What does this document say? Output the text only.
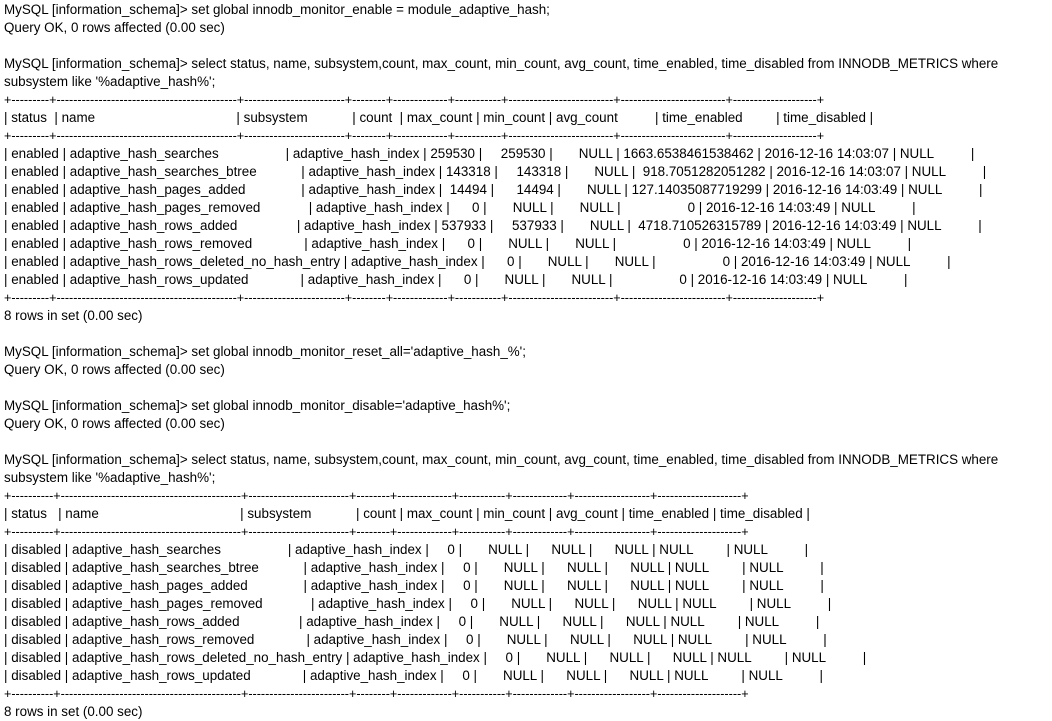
MySQL [information_schema]> set global innodb_monitor_enable = module_adaptive_hash;
Query OK, 0 rows affected (0.00 sec)
MySQL [information_schema]> select status, name, subsystem,count, max_count, min_count, avg_count, time_enabled, time_disabled from INNODB_METRICS where
subsystem like '%adaptive_hash%';
+---------+-------------------------------------------+------------------------+--------+-------------+-----------+-------------------------+-------------------------+--------------------+
| status  | name                                      | subsystem            | count  | max_count | min_count | avg_count          | time_enabled         | time_disabled |
+---------+-------------------------------------------+------------------------+--------+-------------+-----------+-------------------------+-------------------------+--------------------+
| enabled | adaptive_hash_searches                  | adaptive_hash_index | 259530 |     259530 |       NULL | 1663.6538461538462 | 2016-12-16 14:03:07 | NULL          |
| enabled | adaptive_hash_searches_btree            | adaptive_hash_index | 143318 |     143318 |       NULL |  918.7051282051282 | 2016-12-16 14:03:07 | NULL          |
| enabled | adaptive_hash_pages_added               | adaptive_hash_index |  14494 |      14494 |       NULL | 127.14035087719299 | 2016-12-16 14:03:49 | NULL          |
| enabled | adaptive_hash_pages_removed             | adaptive_hash_index |      0 |       NULL |       NULL |                  0 | 2016-12-16 14:03:49 | NULL          |
| enabled | adaptive_hash_rows_added                | adaptive_hash_index | 537933 |     537933 |       NULL |  4718.710526315789 | 2016-12-16 14:03:49 | NULL          |
| enabled | adaptive_hash_rows_removed              | adaptive_hash_index |      0 |       NULL |       NULL |                  0 | 2016-12-16 14:03:49 | NULL          |
| enabled | adaptive_hash_rows_deleted_no_hash_entry | adaptive_hash_index |      0 |       NULL |       NULL |                  0 | 2016-12-16 14:03:49 | NULL          |
| enabled | adaptive_hash_rows_updated              | adaptive_hash_index |      0 |       NULL |       NULL |                  0 | 2016-12-16 14:03:49 | NULL          |
+---------+-------------------------------------------+------------------------+--------+-------------+-----------+-------------------------+-------------------------+--------------------+
8 rows in set (0.00 sec)
MySQL [information_schema]> set global innodb_monitor_reset_all='adaptive_hash_%';
Query OK, 0 rows affected (0.00 sec)
MySQL [information_schema]> set global innodb_monitor_disable='adaptive_hash%';
Query OK, 0 rows affected (0.00 sec)
MySQL [information_schema]> select status, name, subsystem,count, max_count, min_count, avg_count, time_enabled, time_disabled from INNODB_METRICS where
subsystem like '%adaptive_hash%';
+----------+-------------------------------------------+------------------------+--------+-------------+-----------+-------------+------------------+--------------------+
| status   | name                                      | subsystem            | count | max_count | min_count | avg_count | time_enabled | time_disabled |
+----------+-------------------------------------------+------------------------+--------+-------------+-----------+-------------+------------------+--------------------+
| disabled | adaptive_hash_searches                  | adaptive_hash_index |     0 |       NULL |      NULL |      NULL | NULL         | NULL          |
| disabled | adaptive_hash_searches_btree            | adaptive_hash_index |     0 |       NULL |      NULL |      NULL | NULL         | NULL          |
| disabled | adaptive_hash_pages_added               | adaptive_hash_index |     0 |       NULL |      NULL |      NULL | NULL         | NULL          |
| disabled | adaptive_hash_pages_removed             | adaptive_hash_index |     0 |       NULL |      NULL |      NULL | NULL         | NULL          |
| disabled | adaptive_hash_rows_added                | adaptive_hash_index |     0 |       NULL |      NULL |      NULL | NULL         | NULL          |
| disabled | adaptive_hash_rows_removed              | adaptive_hash_index |     0 |       NULL |      NULL |      NULL | NULL         | NULL          |
| disabled | adaptive_hash_rows_deleted_no_hash_entry | adaptive_hash_index |     0 |       NULL |      NULL |      NULL | NULL         | NULL          |
| disabled | adaptive_hash_rows_updated              | adaptive_hash_index |     0 |       NULL |      NULL |      NULL | NULL         | NULL          |
+----------+-------------------------------------------+------------------------+--------+-------------+-----------+-------------+------------------+--------------------+
8 rows in set (0.00 sec)
